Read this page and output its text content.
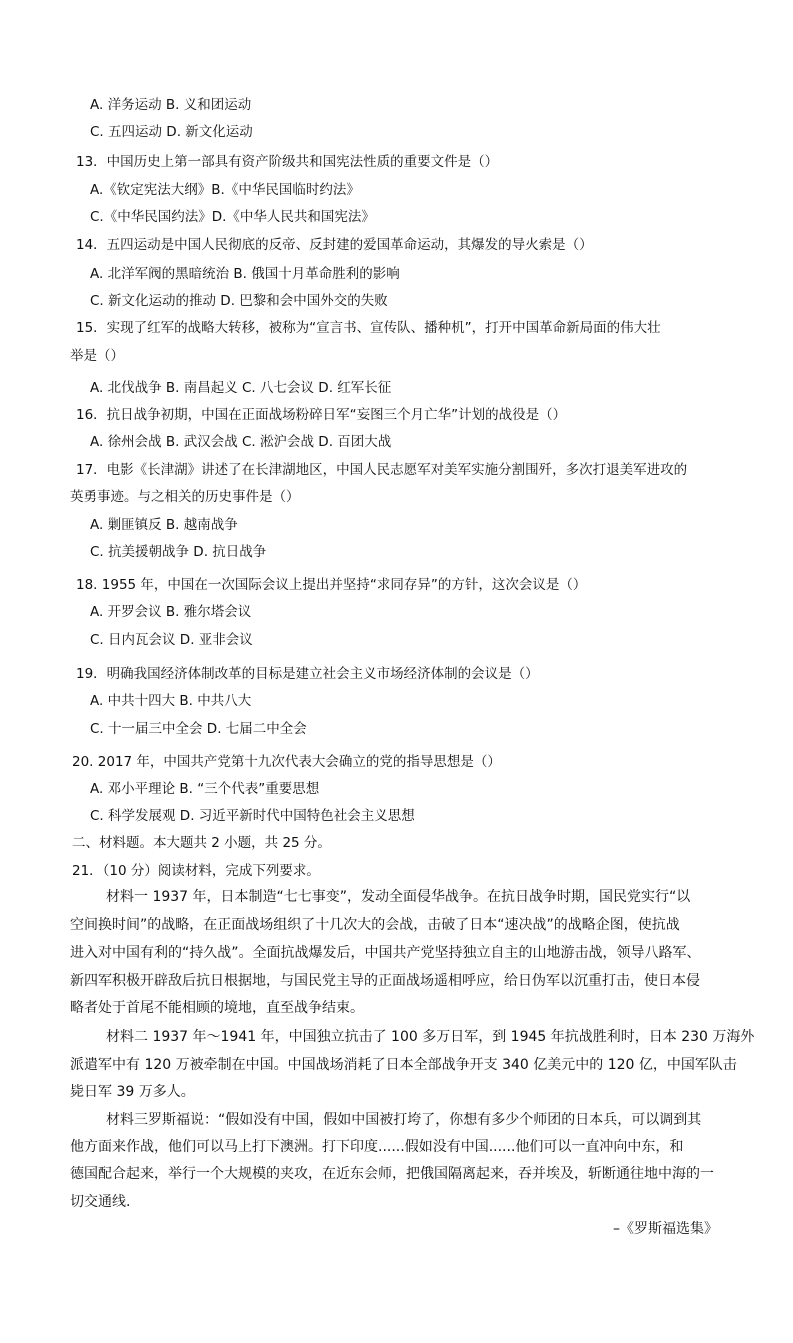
A. 洋务运动 B. 义和团运动
C. 五四运动 D. 新文化运动
13．中国历史上第一部具有资产阶级共和国宪法性质的重要文件是（）
A.《钦定宪法大纲》B.《中华民国临时约法》
C.《中华民国约法》D.《中华人民共和国宪法》
14．五四运动是中国人民彻底的反帝、反封建的爱国革命运动，其爆发的导火索是（）
A. 北洋军阀的黑暗统治 B. 俄国十月革命胜利的影响
C. 新文化运动的推动 D. 巴黎和会中国外交的失败
15．实现了红军的战略大转移，被称为“宣言书、宣传队、播种机”，打开中国革命新局面的伟大壮
举是（）
A. 北伐战争 B. 南昌起义 C. 八七会议 D. 红军长征
16．抗日战争初期，中国在正面战场粉碎日军“妄图三个月亡华”计划的战役是（）
A. 徐州会战 B. 武汉会战 C. 淞沪会战 D. 百团大战
17．电影《长津湖》讲述了在长津湖地区，中国人民志愿军对美军实施分割围歼，多次打退美军进攻的
英勇事迹。与之相关的历史事件是（）
A. 剿匪镇反 B. 越南战争
C. 抗美援朝战争 D. 抗日战争
18. 1955 年，中国在一次国际会议上提出并坚持“求同存异”的方针，这次会议是（）
A. 开罗会议 B. 雅尔塔会议
C. 日内瓦会议 D. 亚非会议
19．明确我国经济体制改革的目标是建立社会主义市场经济体制的会议是（）
A. 中共十四大 B. 中共八大
C. 十一届三中全会 D. 七届二中全会
20. 2017 年，中国共产党第十九次代表大会确立的党的指导思想是（）
A. 邓小平理论 B. “三个代表”重要思想
C. 科学发展观 D. 习近平新时代中国特色社会主义思想
二、材料题。本大题共 2 小题，共 25 分。
21．（10 分）阅读材料，完成下列要求。
材料一 1937 年，日本制造“七七事变”，发动全面侵华战争。在抗日战争时期，国民党实行“以
空间换时间”的战略，在正面战场组织了十几次大的会战，击破了日本“速决战”的战略企图，使抗战
进入对中国有利的“持久战”。全面抗战爆发后，中国共产党坚持独立自主的山地游击战，领导八路军、
新四军积极开辟敌后抗日根据地，与国民党主导的正面战场遥相呼应，给日伪军以沉重打击，使日本侵
略者处于首尾不能相顾的境地，直至战争结束。
材料二 1937 年～1941 年，中国独立抗击了 100 多万日军，到 1945 年抗战胜利时，日本 230 万海外
派遣军中有 120 万被牵制在中国。中国战场消耗了日本全部战争开支 340 亿美元中的 120 亿，中国军队击
毙日军 39 万多人。
材料三罗斯福说：“假如没有中国，假如中国被打垮了，你想有多少个师团的日本兵，可以调到其
他方面来作战，他们可以马上打下澳洲。打下印度......假如没有中国......他们可以一直冲向中东，和
德国配合起来，举行一个大规模的夹攻，在近东会师，把俄国隔离起来，吞并埃及，斩断通往地中海的一
切交通线.
–《罗斯福选集》
